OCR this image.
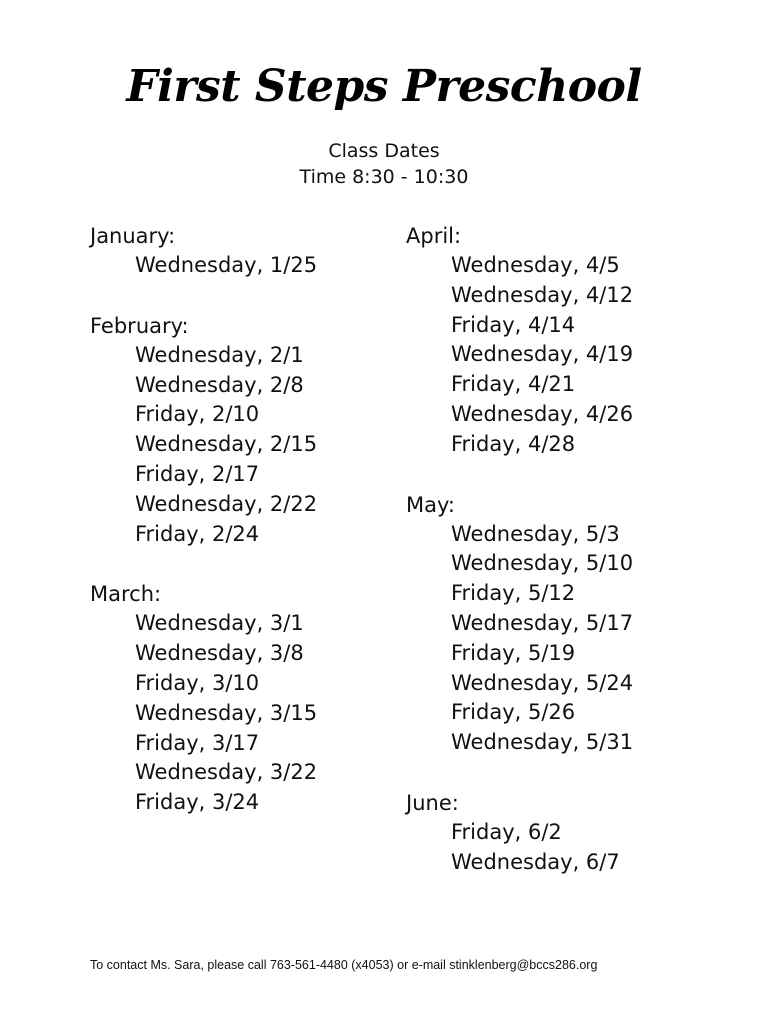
First Steps Preschool
Class Dates
Time 8:30 - 10:30
January:
Wednesday, 1/25
February:
Wednesday, 2/1
Wednesday, 2/8
Friday, 2/10
Wednesday, 2/15
Friday, 2/17
Wednesday, 2/22
Friday, 2/24
March:
Wednesday, 3/1
Wednesday, 3/8
Friday, 3/10
Wednesday, 3/15
Friday, 3/17
Wednesday, 3/22
Friday, 3/24
April:
Wednesday, 4/5
Wednesday, 4/12
Friday, 4/14
Wednesday, 4/19
Friday, 4/21
Wednesday, 4/26
Friday, 4/28
May:
Wednesday, 5/3
Wednesday, 5/10
Friday, 5/12
Wednesday, 5/17
Friday, 5/19
Wednesday, 5/24
Friday, 5/26
Wednesday, 5/31
June:
Friday, 6/2
Wednesday, 6/7
To contact Ms. Sara, please call 763-561-4480 (x4053) or e-mail stinklenberg@bccs286.org
